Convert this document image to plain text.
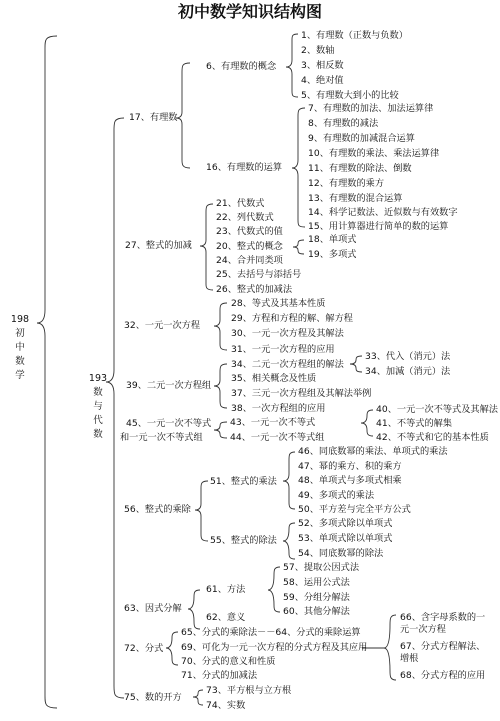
初中数学知识结构图
198
初
中
数
学	193
数
与
代
数
17、有理数
6、有理数的概念
1、有理数（正数与负数）
2、数轴
3、相反数
4、绝对值
5、有理数大到小的比较
16、有理数的运算
7、有理数的加法、加法运算律
8、有理数的减法
9、有理数的加减混合运算
10、有理数的乘法、乘法运算律
11、有理数的除法、倒数
12、有理数的乘方
13、有理数的混合运算
14、科学记数法、近似数与有效数字
15、用计算器进行简单的数的运算
27、整式的加减
21、代数式
22、列代数式
23、代数式的值
20、整式的概念
24、合并同类项
25、去括号与添括号
26、整式的加减法
18、单项式
19、多项式
32、一元一次方程
28、等式及其基本性质
29、方程和方程的解、解方程
30、一元一次方程及其解法
31、一元一次方程的应用
39、二元一次方程组
34、二元一次方程组的解法
35、相关概念及性质
37、三元一次方程组及其解法举例
38、一次方程组的应用
33、代入（消元）法
34、加減（消元）法
45、一元一次不等式
和一元一次不等式组
43、一元一次不等式
44、一元一次不等式组
40、一元一次不等式及其解法
41、不等式的解集
42、不等式和它的基本性质
56、整式的乘除
51、整式的乘法
46、同底数幂的乘法、单项式的乘法
47、幂的乘方、积的乘方
48、单项式与多项式相乘
49、多项式的乘法
50、平方差与完全平方公式
55、整式的除法
52、多项式除以单项式
53、单项式除以单项式
54、同底数幂的除法
63、因式分解
61、方法
62、意义
57、提取公因式法
58、运用公式法
59、分组分解法
60、其他分解法
72、分式
65、分式的乘除法－－64、分式的乘除运算
69、可化为一元一次方程的分式方程及其应用
70、分式的意义和性质
71、分式的加减法
66、含字母系数的一元一次方程
67、分式方程解法、增根
68、分式方程的应用
75、数的开方
73、平方根与立方根
74、实数
